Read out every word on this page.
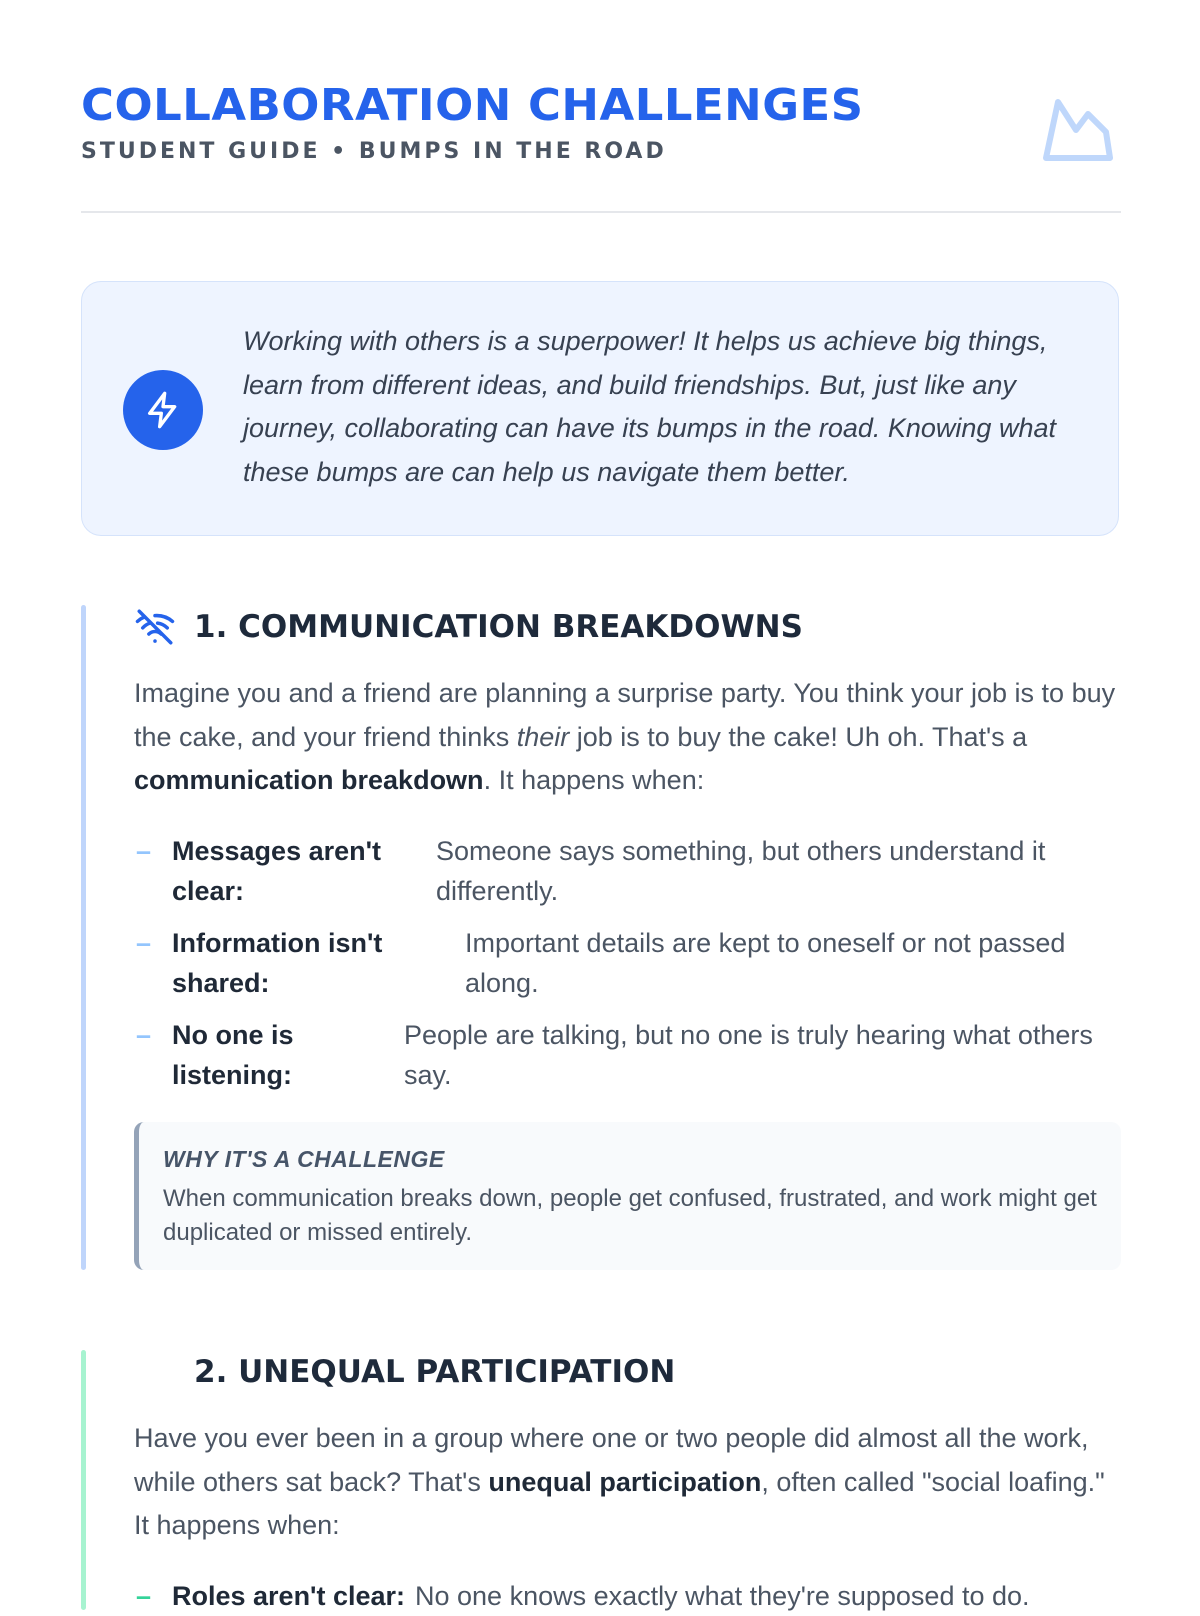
COLLABORATION CHALLENGES
STUDENT GUIDE • BUMPS IN THE ROAD

Working with others is a superpower! It helps us achieve big things, learn from different ideas, and build friendships. But, just like any journey, collaborating can have its bumps in the road. Knowing what these bumps are can help us navigate them better.

1. COMMUNICATION BREAKDOWNS

Imagine you and a friend are planning a surprise party. You think your job is to buy the cake, and your friend thinks their job is to buy the cake! Uh oh. That's a communication breakdown. It happens when:

– Messages aren't clear:
Someone says something, but others understand it differently.
– Information isn't shared:
Important details are kept to oneself or not passed along.
– No one is listening:
People are talking, but no one is truly hearing what others say.
WHY IT'S A CHALLENGE
When communication breaks down, people get confused, frustrated, and work might get duplicated or missed entirely.
2. UNEQUAL PARTICIPATION

Have you ever been in a group where one or two people did almost all the work, while others sat back? That's unequal participation, often called "social loafing." It happens when:

– Roles aren't clear: No one knows exactly what they're supposed to do.
